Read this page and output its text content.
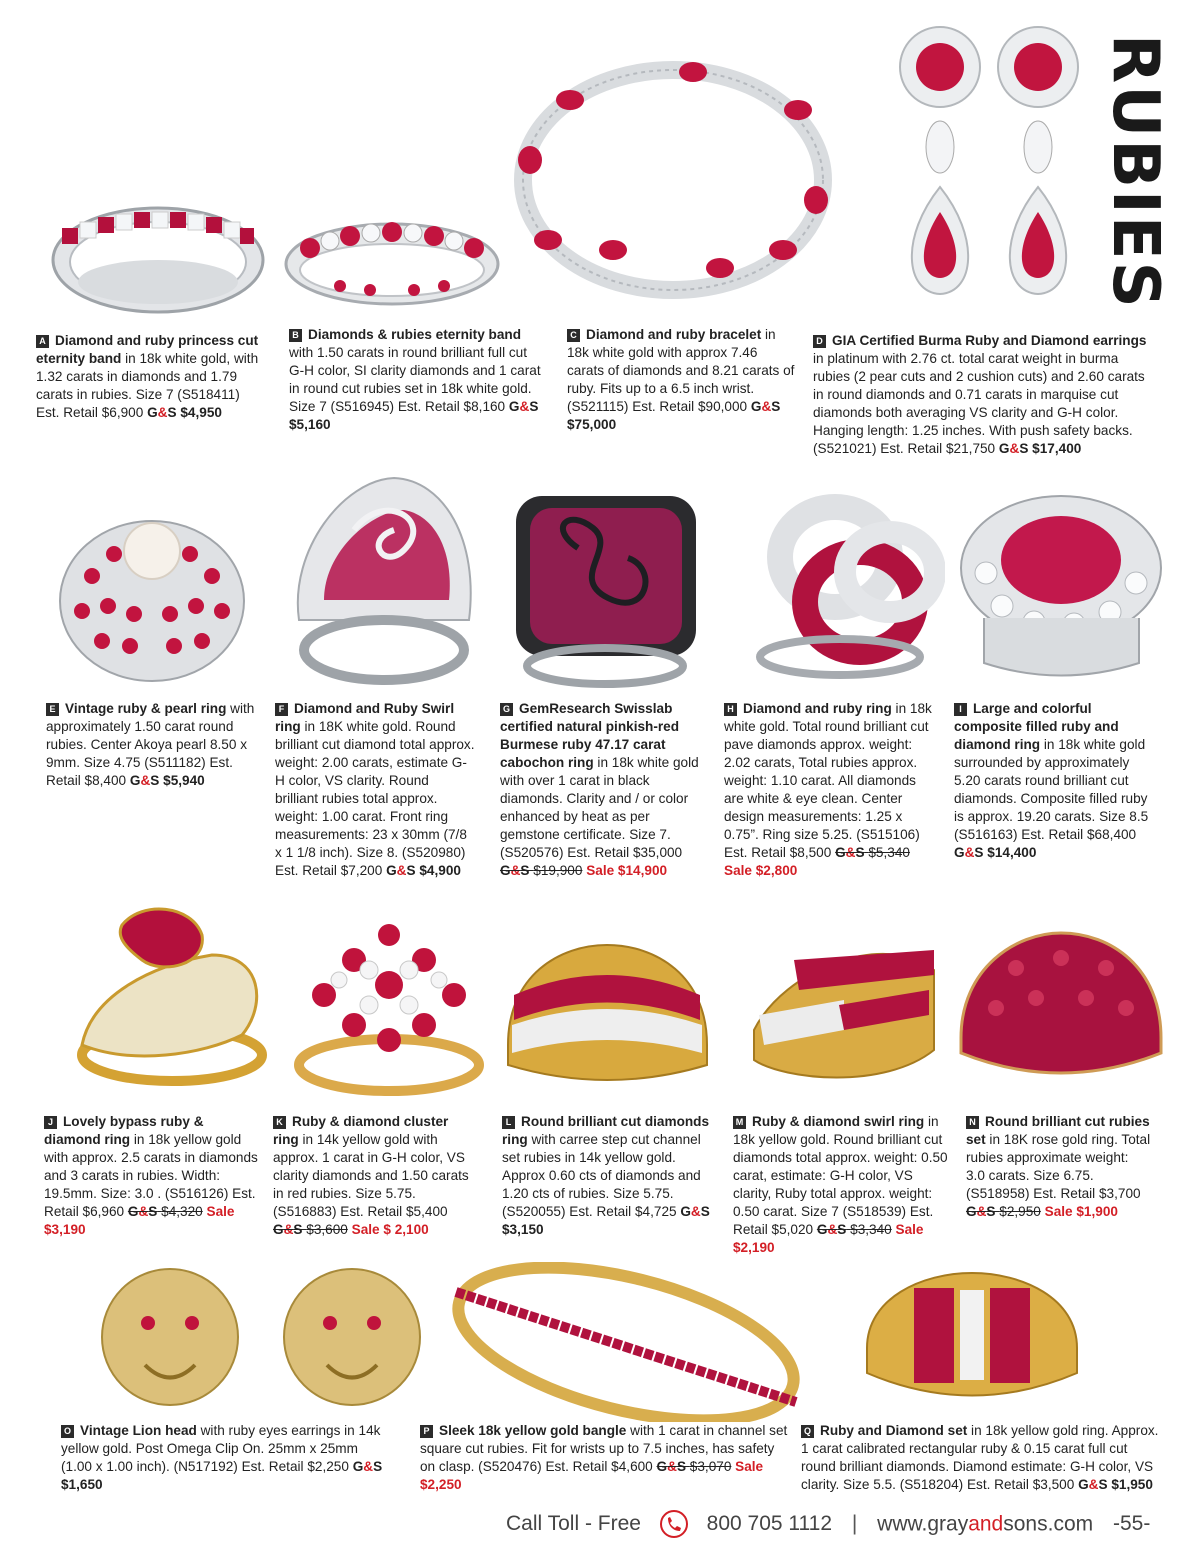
RUBIES
A Diamond and ruby princess cut eternity band in 18k white gold, with 1.32 carats in diamonds and 1.79 carats in rubies. Size 7 (S518411) Est. Retail $6,900 G&S $4,950
B Diamonds & rubies eternity band with 1.50 carats in round brilliant full cut G-H color, SI clarity diamonds and 1 carat in round cut rubies set in 18k white gold. Size 7 (S516945) Est. Retail $8,160 G&S $5,160
C Diamond and ruby bracelet in 18k white gold with approx 7.46 carats of diamonds and 8.21 carats of ruby. Fits up to a 6.5 inch wrist. (S521115) Est. Retail $90,000 G&S $75,000
D GIA Certified Burma Ruby and Diamond earrings in platinum with 2.76 ct. total carat weight in burma rubies (2 pear cuts and 2 cushion cuts) and 2.60 carats in round diamonds and 0.71 carats in marquise cut diamonds both averaging VS clarity and G-H color. Hanging length: 1.25 inches. With push safety backs. (S521021) Est. Retail $21,750 G&S $17,400
E Vintage ruby & pearl ring with approximately 1.50 carat round rubies. Center Akoya pearl 8.50 x 9mm. Size 4.75 (S511182) Est. Retail $8,400 G&S $5,940
F Diamond and Ruby Swirl ring in 18K white gold. Round brilliant cut diamond total approx. weight: 2.00 carats, estimate G-H color, VS clarity. Round brilliant rubies total approx. weight: 1.00 carat. Front ring measurements: 23 x 30mm (7/8 x 1 1/8 inch). Size 8. (S520980) Est. Retail $7,200 G&S $4,900
G GemResearch Swisslab certified natural pinkish-red Burmese ruby 47.17 carat cabochon ring in 18k white gold with over 1 carat in black diamonds. Clarity and / or color enhanced by heat as per gemstone certificate. Size 7. (S520576) Est. Retail $35,000 G&S $19,900 Sale $14,900
H Diamond and ruby ring in 18k white gold. Total round brilliant cut pave diamonds approx. weight: 2.02 carats, Total rubies approx. weight: 1.10 carat. All diamonds are white & eye clean. Center design measurements: 1.25 x 0.75”. Ring size 5.25. (S515106) Est. Retail $8,500 G&S $5,340 Sale $2,800
I Large and colorful composite filled ruby and diamond ring in 18k white gold surrounded by approximately 5.20 carats round brilliant cut diamonds. Composite filled ruby is approx. 19.20 carats. Size 8.5 (S516163) Est. Retail $68,400 G&S $14,400
J Lovely bypass ruby & diamond ring in 18k yellow gold with approx. 2.5 carats in diamonds and 3 carats in rubies. Width: 19.5mm. Size: 3.0 . (S516126) Est. Retail $6,960 G&S $4,320 Sale $3,190
K Ruby & diamond cluster ring in 14k yellow gold with approx. 1 carat in G-H color, VS clarity diamonds and 1.50 carats in red rubies. Size 5.75. (S516883) Est. Retail $5,400 G&S $3,600 Sale $ 2,100
L Round brilliant cut diamonds ring with carree step cut channel set rubies in 14k yellow gold. Approx 0.60 cts of diamonds and 1.20 cts of rubies. Size 5.75. (S520055) Est. Retail $4,725 G&S $3,150
M Ruby & diamond swirl ring in 18k yellow gold. Round brilliant cut diamonds total approx. weight: 0.50 carat, estimate: G-H color, VS clarity, Ruby total approx. weight: 0.50 carat. Size 7 (S518539) Est. Retail $5,020 G&S $3,340 Sale $2,190
N Round brilliant cut rubies set in 18K rose gold ring. Total rubies approximate weight: 3.0 carats. Size 6.75. (S518958) Est. Retail $3,700 G&S $2,950 Sale $1,900
O Vintage Lion head with ruby eyes earrings in 14k yellow gold. Post Omega Clip On. 25mm x 25mm (1.00 x 1.00 inch). (N517192) Est. Retail $2,250 G&S $1,650
P Sleek 18k yellow gold bangle with 1 carat in channel set square cut rubies. Fit for wrists up to 7.5 inches, has safety on clasp. (S520476) Est. Retail $4,600 G&S $3,070 Sale $2,250
Q Ruby and Diamond set in 18k yellow gold ring. Approx. 1 carat calibrated rectangular ruby & 0.15 carat full cut round brilliant diamonds. Diamond estimate: G-H color, VS clarity. Size 5.5. (S518204) Est. Retail $3,500 G&S $1,950
Call Toll - Free	800 705 1112 | www.grayandsons.com -55-
